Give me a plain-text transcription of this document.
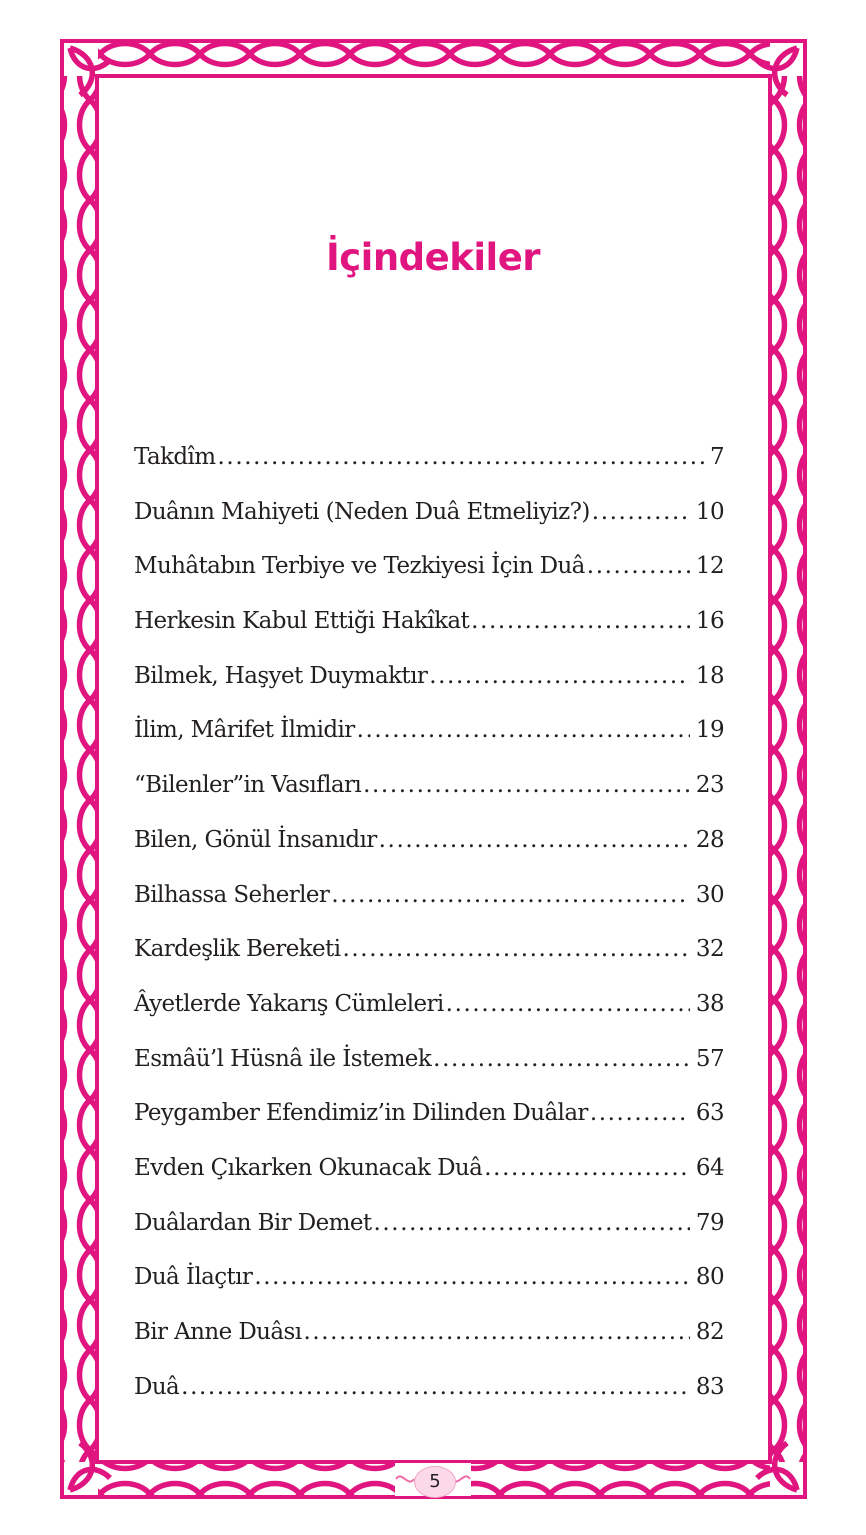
İçindekiler
Takdîm .....	7
Duânın Mahiyeti (Neden Duâ Etmeliyiz?) .....	10
Muhâtabın Terbiye ve Tezkiyesi İçin Duâ .....	12
Herkesin Kabul Ettiği Hakîkat .....	16
Bilmek, Haşyet Duymaktır .....	18
İlim, Mârifet İlmidir .....	19
“Bilenler”in Vasıfları .....	23
Bilen, Gönül İnsanıdır .....	28
Bilhassa Seherler .....	30
Kardeşlik Bereketi .....	32
Âyetlerde Yakarış Cümleleri .....	38
Esmâü’l Hüsnâ ile İstemek .....	57
Peygamber Efendimiz’in Dilinden Duâlar .....	63
Evden Çıkarken Okunacak Duâ .....	64
Duâlardan Bir Demet .....	79
Duâ İlaçtır .....	80
Bir Anne Duâsı .....	82
Duâ .....	83
5
